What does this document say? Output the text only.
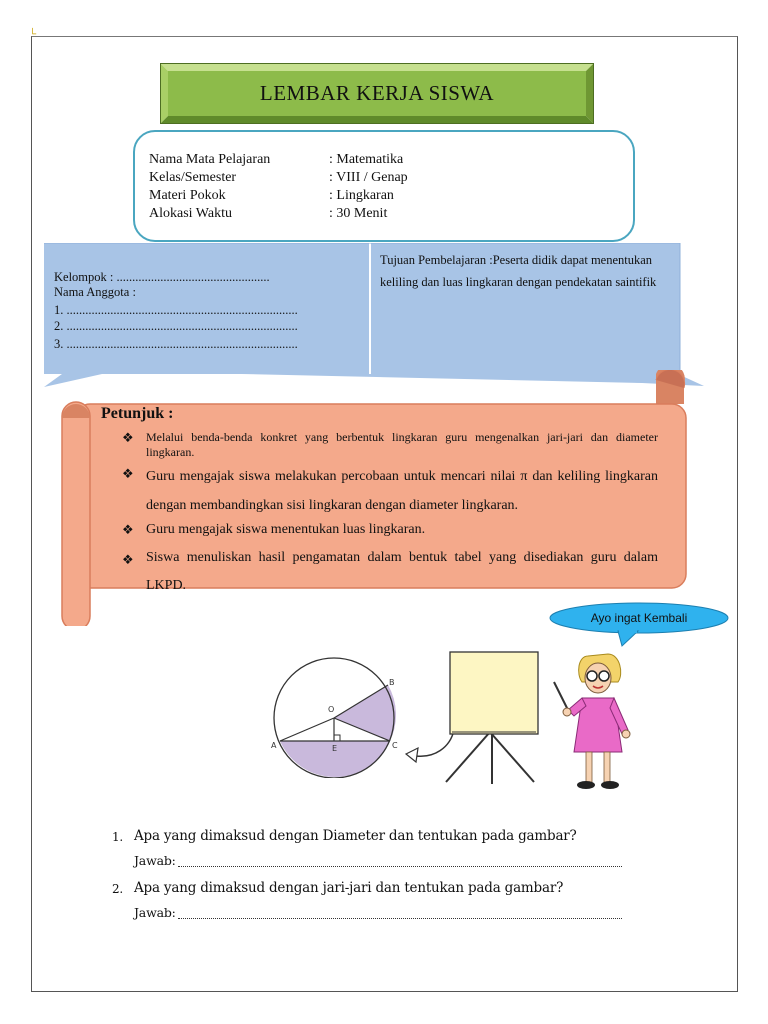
└
LEMBAR KERJA SISWA
Nama Mata Pelajaran	: Matematika
Kelas/Semester	: VIII / Genap
Materi Pokok	: Lingkaran
Alokasi Waktu	: 30 Menit
Kelompok : .................................................
Nama Anggota :
1. ..........................................................................
2. ..........................................................................
3. ..........................................................................
Tujuan Pembelajaran :Peserta didik dapat menentukan keliling dan luas lingkaran dengan pendekatan saintifik
Petunjuk :
❖ Melalui benda-benda konkret yang berbentuk lingkaran guru mengenalkan jari-jari dan diameter lingkaran.
❖ Guru mengajak siswa melakukan percobaan untuk mencari nilai π dan keliling lingkaran dengan membandingkan sisi lingkaran dengan diameter lingkaran.
❖ Guru mengajak siswa menentukan luas lingkaran.
❖ Siswa menuliskan hasil pengamatan dalam bentuk tabel yang disediakan guru dalam LKPD.
Ayo ingat Kembali
O
A
B
C
E
1. Apa yang dimaksud dengan Diameter dan tentukan pada gambar?
Jawab:
2. Apa yang dimaksud dengan jari-jari dan tentukan pada gambar?
Jawab:
